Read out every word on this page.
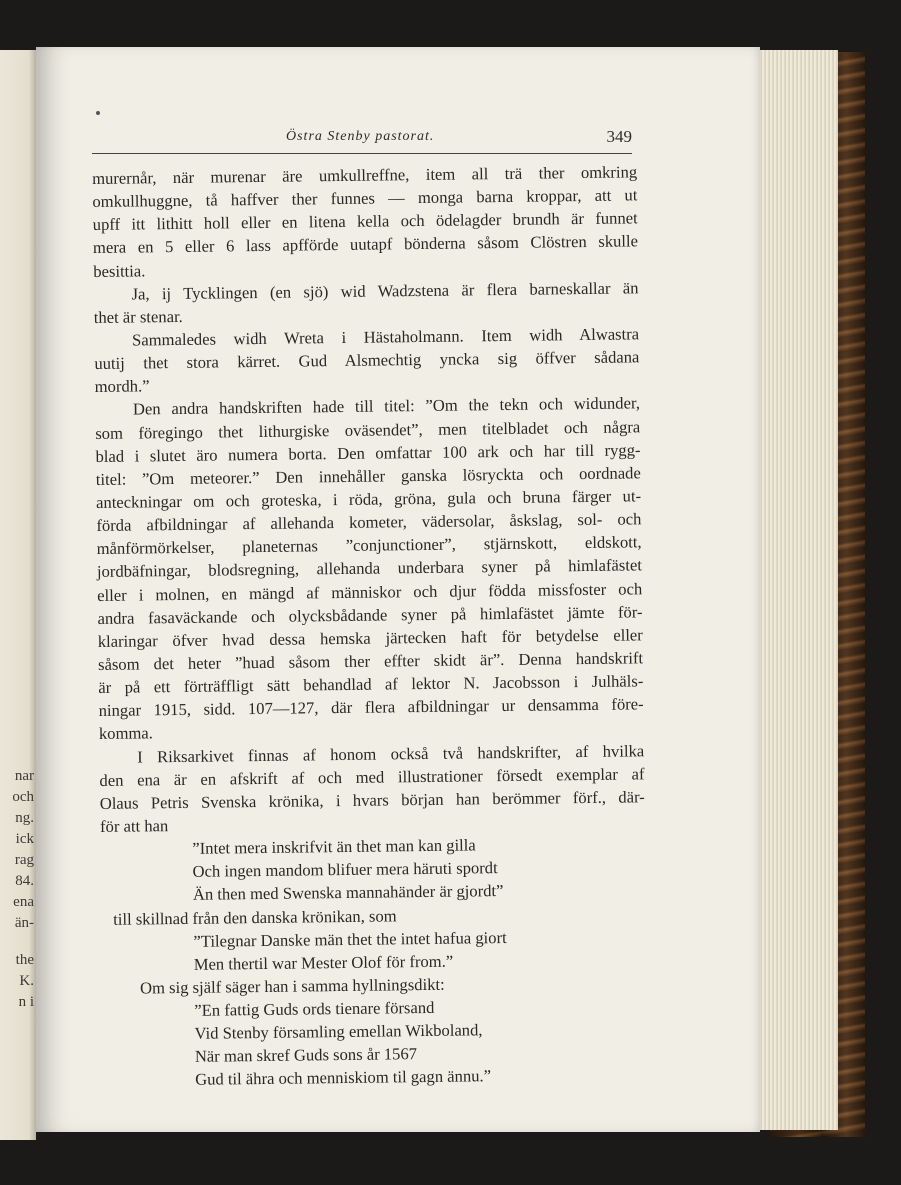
nar
och
ng.
ick
rag
84.
ena
än-
the
K.
n i
Östra Stenby pastorat.	349
murernår, när murenar äre umkullreffne, item all trä ther omkring
omkullhuggne, tå haffver ther funnes — monga barna kroppar, att ut
upff itt lithitt holl eller en litena kella och ödelagder brundh är funnet
mera en 5 eller 6 lass apfförde uutapf bönderna såsom Clöstren skulle
besittia.
Ja, ij Tycklingen (en sjö) wid Wadzstena är flera barneskallar än
thet är stenar.
Sammaledes widh Wreta i Hästaholmann. Item widh Alwastra
uutij thet stora kärret. Gud Alsmechtig yncka sig öffver sådana
mordh.”
Den andra handskriften hade till titel: ”Om the tekn och widunder,
som föregingo thet lithurgiske oväsendet”, men titelbladet och några
blad i slutet äro numera borta. Den omfattar 100 ark och har till rygg-
titel: ”Om meteorer.” Den innehåller ganska lösryckta och oordnade
anteckningar om och groteska, i röda, gröna, gula och bruna färger ut-
förda afbildningar af allehanda kometer, vädersolar, åskslag, sol- och
månförmörkelser, planeternas ”conjunctioner”, stjärnskott, eldskott,
jordbäfningar, blodsregning, allehanda underbara syner på himlafästet
eller i molnen, en mängd af människor och djur födda missfoster och
andra fasaväckande och olycksbådande syner på himlafästet jämte för-
klaringar öfver hvad dessa hemska järtecken haft för betydelse eller
såsom det heter ”huad såsom ther effter skidt är”. Denna handskrift
är på ett förträffligt sätt behandlad af lektor N. Jacobsson i Julhäls-
ningar 1915, sidd. 107—127, där flera afbildningar ur densamma före-
komma.
I Riksarkivet finnas af honom också två handskrifter, af hvilka
den ena är en afskrift af och med illustrationer försedt exemplar af
Olaus Petris Svenska krönika, i hvars början han berömmer förf., där-
för att han
”Intet mera inskrifvit än thet man kan gilla
Och ingen mandom blifuer mera häruti spordt
Än then med Swenska mannahänder är gjordt”
till skillnad från den danska krönikan, som
”Tilegnar Danske män thet the intet hafua giort
Men thertil war Mester Olof för from.”
Om sig själf säger han i samma hyllningsdikt:
”En fattig Guds ords tienare försand
Vid Stenby församling emellan Wikboland,
När man skref Guds sons år 1567
Gud til ähra och menniskiom til gagn ännu.”
